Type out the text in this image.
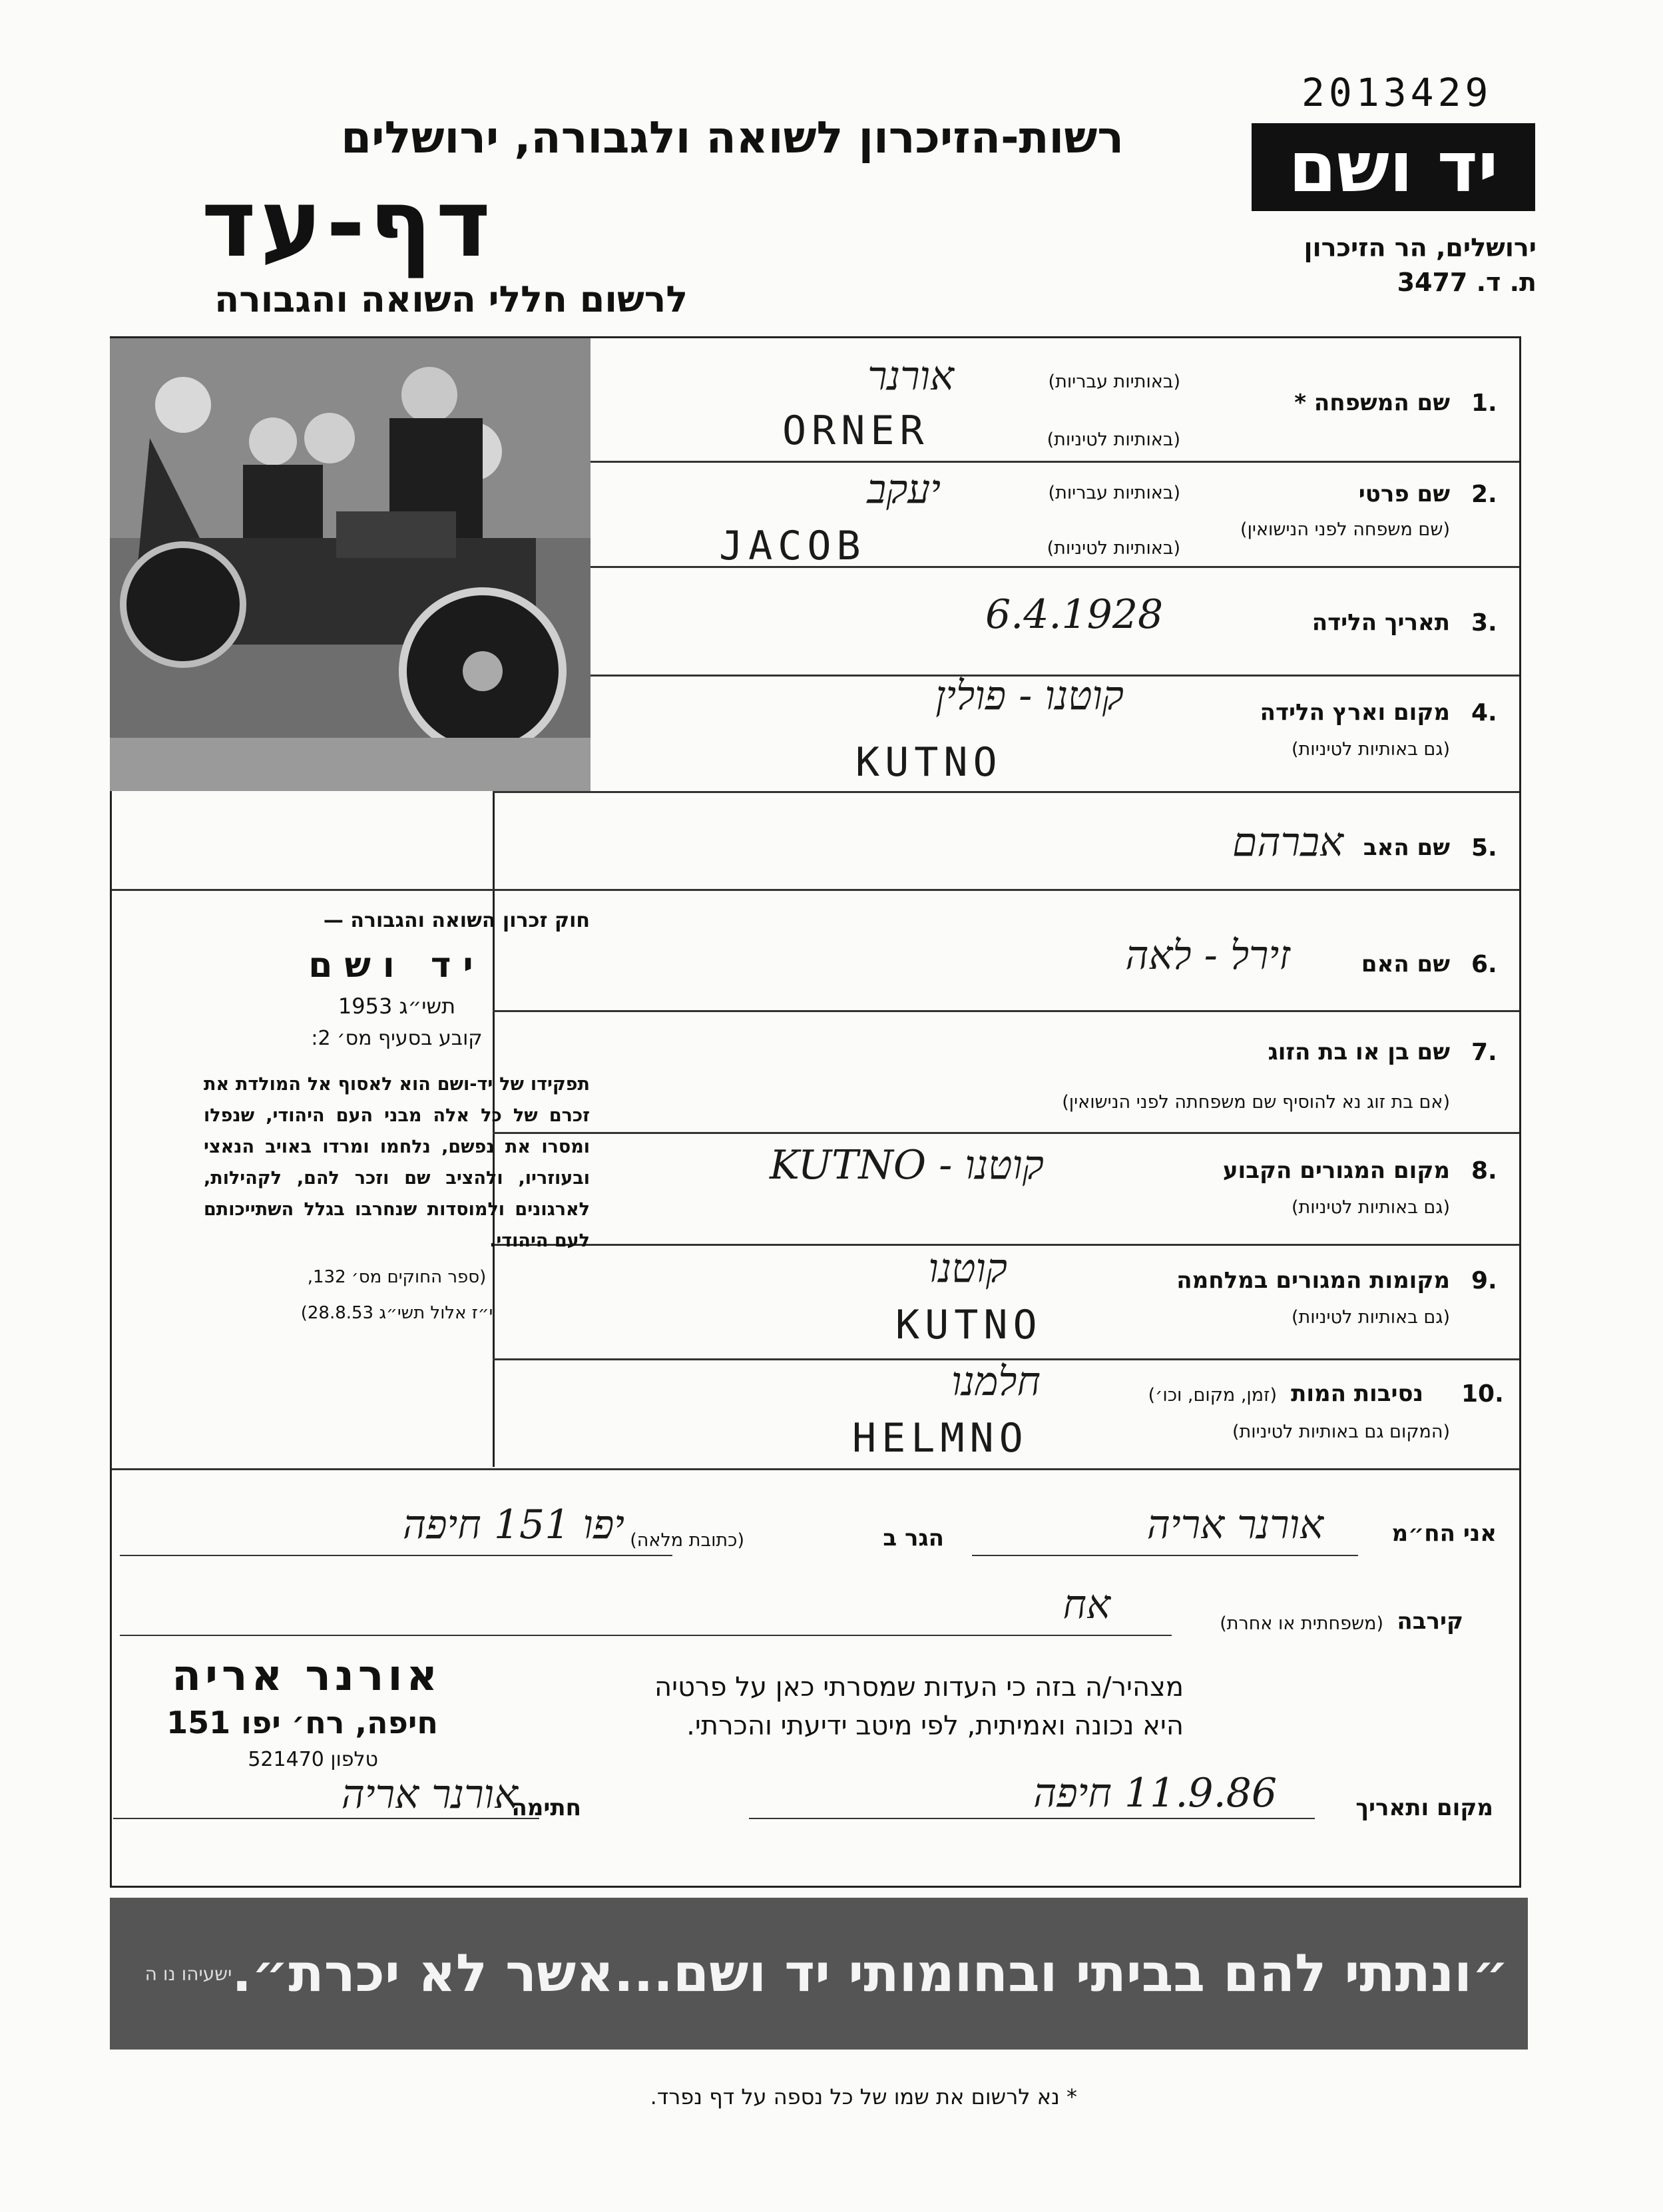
2013429
רשות-הזיכרון לשואה ולגבורה, ירושלים
דף-עד
לרשום חללי השואה והגבורה
יד ושם
ירושלים, הר הזיכרון
ת. ד. 3477
1.
שם המשפחה *
(באותיות עבריות)
(באותיות לטיניות)
אורנר
ORNER
2.
שם פרטי
(שם משפחה לפני הנישואין)
(באותיות עבריות)
(באותיות לטיניות)
יעקב
JACOB
3.
תאריך הלידה
6.4.1928
4.
מקום וארץ הלידה
(גם באותיות לטיניות)
קוטנו - פולין
KUTNO
5.
שם האב
אברהם
6.
שם האם
זירל - לאה
7.
שם בן או בת הזוג
(אם בת זוג נא להוסיף שם משפחתה לפני הנישואין)
8.
מקום המגורים הקבוע
(גם באותיות לטיניות)
קוטנו - KUTNO
9.
מקומות המגורים במלחמה
(גם באותיות לטיניות)
קוטנו
KUTNO
10.
נסיבות המות
(זמן, מקום, וכו׳)
(המקום גם באותיות לטיניות)
חלמנו
HELMNO
חוק זכרון השואה והגבורה —
יד ושם
תשי״ג 1953
קובע בסעיף מס׳ 2:
תפקידו של יד-ושם הוא לאסוף אל המולדת את זכרם של כל אלה מבני העם היהודי, שנפלו ומסרו את נפשם, נלחמו ומרדו באויב הנאצי ובעוזריו, ולהציב שם וזכר להם, לקהילות, לארגונים ולמוסדות שנחרבו בגלל השתייכותם לעם היהודי.
(ספר החוקים מס׳ 132,
י״ז אלול תשי״ג 28.8.53)
אני הח״מ
אורנר אריה
הגר ב
(כתובת מלאה)
יפו 151 חיפה
קירבה
(משפחתית או אחרת)
אח
אורנר אריה
חיפה, רח׳ יפו 151
טלפון 521470
מצהיר/ה בזה כי העדות שמסרתי כאן על פרטיה
היא נכונה ואמיתית, לפי מיטב ידיעתי והכרתי.
אורנר אריה
חתימה	11.9.86 חיפה	מקום ותאריך
״ונתתי להם בביתי ובחומותי יד ושם...אשר לא יכרת״.
ישעיהו נו ה
* נא לרשום את שמו של כל נספה על דף נפרד.
